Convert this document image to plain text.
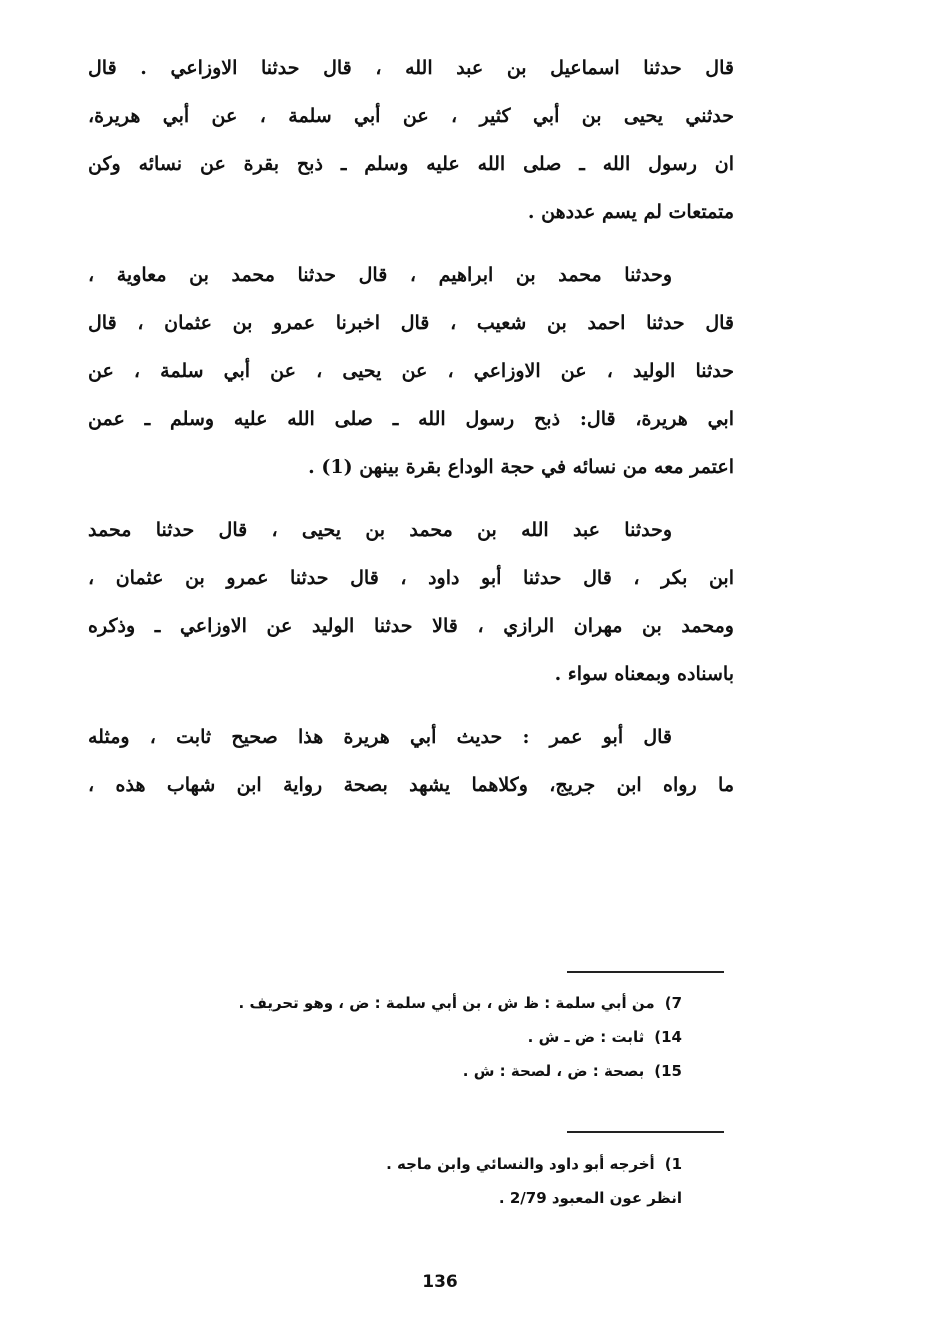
قال حدثنا اسماعيل بن عبد الله ، قال حدثنا الاوزاعي . قال
حدثني يحيى بن أبي كثير ، عن أبي سلمة ، عن أبي هريرة،
ان رسول الله ـ صلى الله عليه وسلم ـ ذبح بقرة عن نسائه وكن
متمتعات لم يسم عددهن .
وحدثنا محمد بن ابراهيم ، قال حدثنا محمد بن معاوية ،
قال حدثنا احمد بن شعيب ، قال اخبرنا عمرو بن عثمان ، قال
حدثنا الوليد ، عن الاوزاعي ، عن يحيى ، عن أبي سلمة ، عن
ابي هريرة، قال: ذبح رسول الله ـ صلى الله عليه وسلم ـ عمن
اعتمر معه من نسائه في حجة الوداع بقرة بينهن (1) .
وحدثنا عبد الله بن محمد بن يحيى ، قال حدثنا محمد
ابن بكر ، قال حدثنا أبو داود ، قال حدثنا عمرو بن عثمان ،
ومحمد بن مهران الرازي ، قالا حدثنا الوليد عن الاوزاعي ـ وذكره
باسناده وبمعناه سواء .
قال أبو عمر : حديث أبي هريرة هذا صحيح ثابت ، ومثله
ما رواه ابن جريج، وكلاهما يشهد بصحة رواية ابن شهاب هذه ،
7)من أبي سلمة : ظ ش ، بن أبي سلمة : ض ، وهو تحريف .
14)ثابت : ض ـ ش .
15)بصحة : ض ، لصحة : ش .
1)أخرجه أبو داود والنسائي وابن ماجه .
انظر عون المعبود 2/79 .
136
